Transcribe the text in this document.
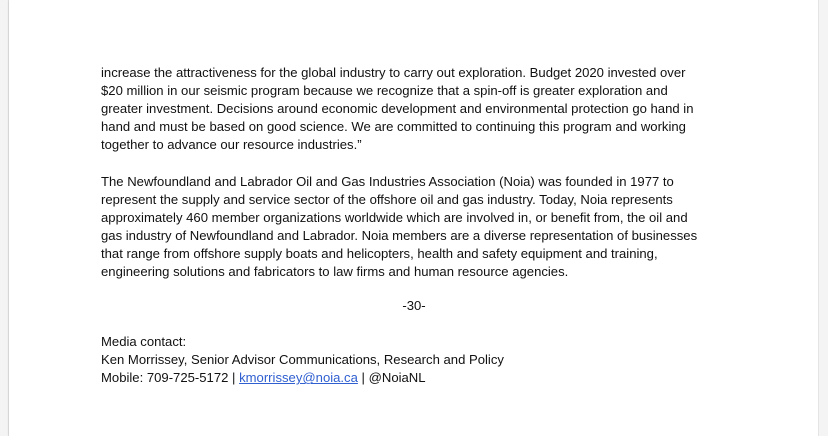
increase the attractiveness for the global industry to carry out exploration. Budget 2020 invested over
$20 million in our seismic program because we recognize that a spin-off is greater exploration and
greater investment. Decisions around economic development and environmental protection go hand in
hand and must be based on good science. We are committed to continuing this program and working
together to advance our resource industries.”
The Newfoundland and Labrador Oil and Gas Industries Association (Noia) was founded in 1977 to
represent the supply and service sector of the offshore oil and gas industry. Today, Noia represents
approximately 460 member organizations worldwide which are involved in, or benefit from, the oil and
gas industry of Newfoundland and Labrador. Noia members are a diverse representation of businesses
that range from offshore supply boats and helicopters, health and safety equipment and training,
engineering solutions and fabricators to law firms and human resource agencies.
-30-
Media contact:
Ken Morrissey, Senior Advisor Communications, Research and Policy
Mobile: 709-725-5172 | kmorrissey@noia.ca | @NoiaNL
